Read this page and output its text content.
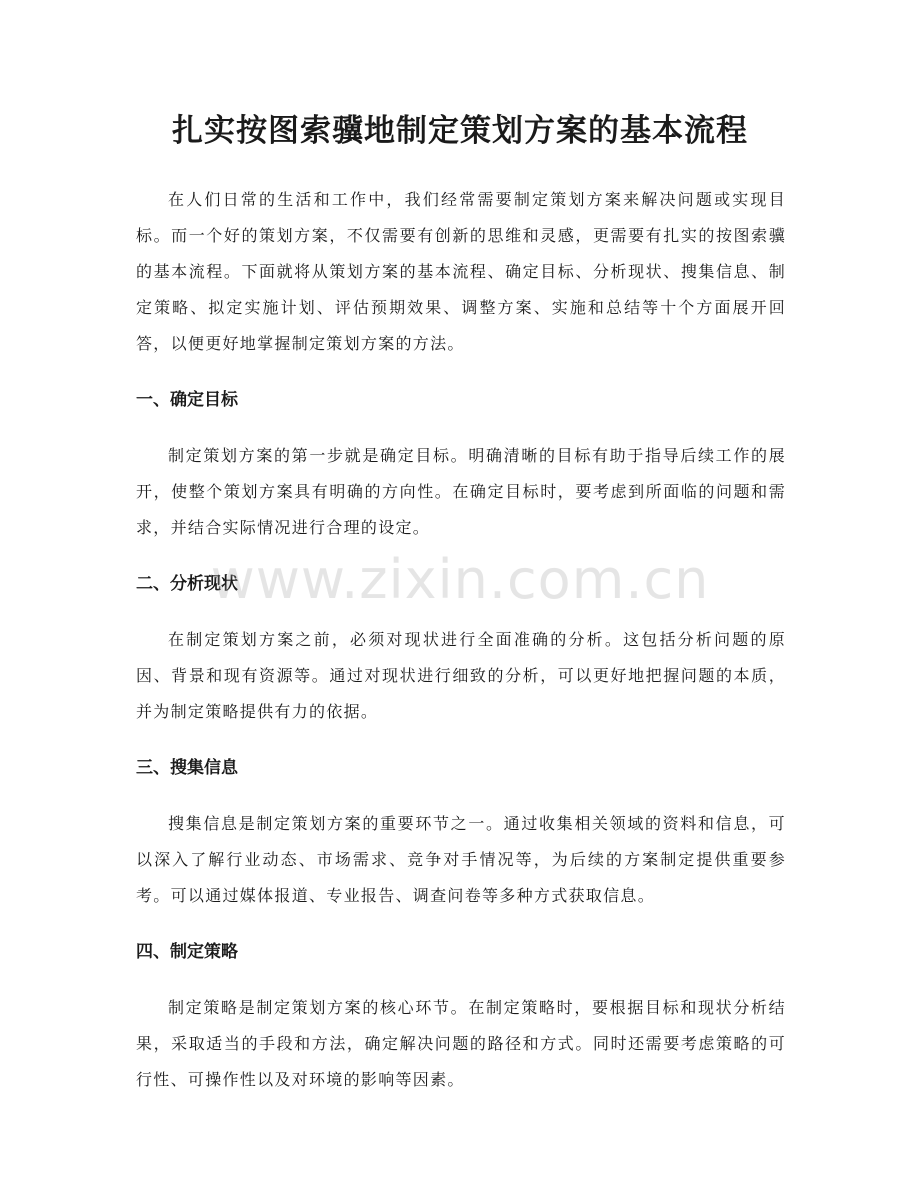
扎实按图索骥地制定策划方案的基本流程

在人们日常的生活和工作中，我们经常需要制定策划方案来解决问题或实现目标。而一个好的策划方案，不仅需要有创新的思维和灵感，更需要有扎实的按图索骥的基本流程。下面就将从策划方案的基本流程、确定目标、分析现状、搜集信息、制定策略、拟定实施计划、评估预期效果、调整方案、实施和总结等十个方面展开回答，以便更好地掌握制定策划方案的方法。

一、确定目标

制定策划方案的第一步就是确定目标。明确清晰的目标有助于指导后续工作的展开，使整个策划方案具有明确的方向性。在确定目标时，要考虑到所面临的问题和需求，并结合实际情况进行合理的设定。

二、分析现状

在制定策划方案之前，必须对现状进行全面准确的分析。这包括分析问题的原因、背景和现有资源等。通过对现状进行细致的分析，可以更好地把握问题的本质，并为制定策略提供有力的依据。

三、搜集信息

搜集信息是制定策划方案的重要环节之一。通过收集相关领域的资料和信息，可以深入了解行业动态、市场需求、竞争对手情况等，为后续的方案制定提供重要参考。可以通过媒体报道、专业报告、调查问卷等多种方式获取信息。

四、制定策略

制定策略是制定策划方案的核心环节。在制定策略时，要根据目标和现状分析结果，采取适当的手段和方法，确定解决问题的路径和方式。同时还需要考虑策略的可行性、可操作性以及对环境的影响等因素。

www.zixin.com.cn
